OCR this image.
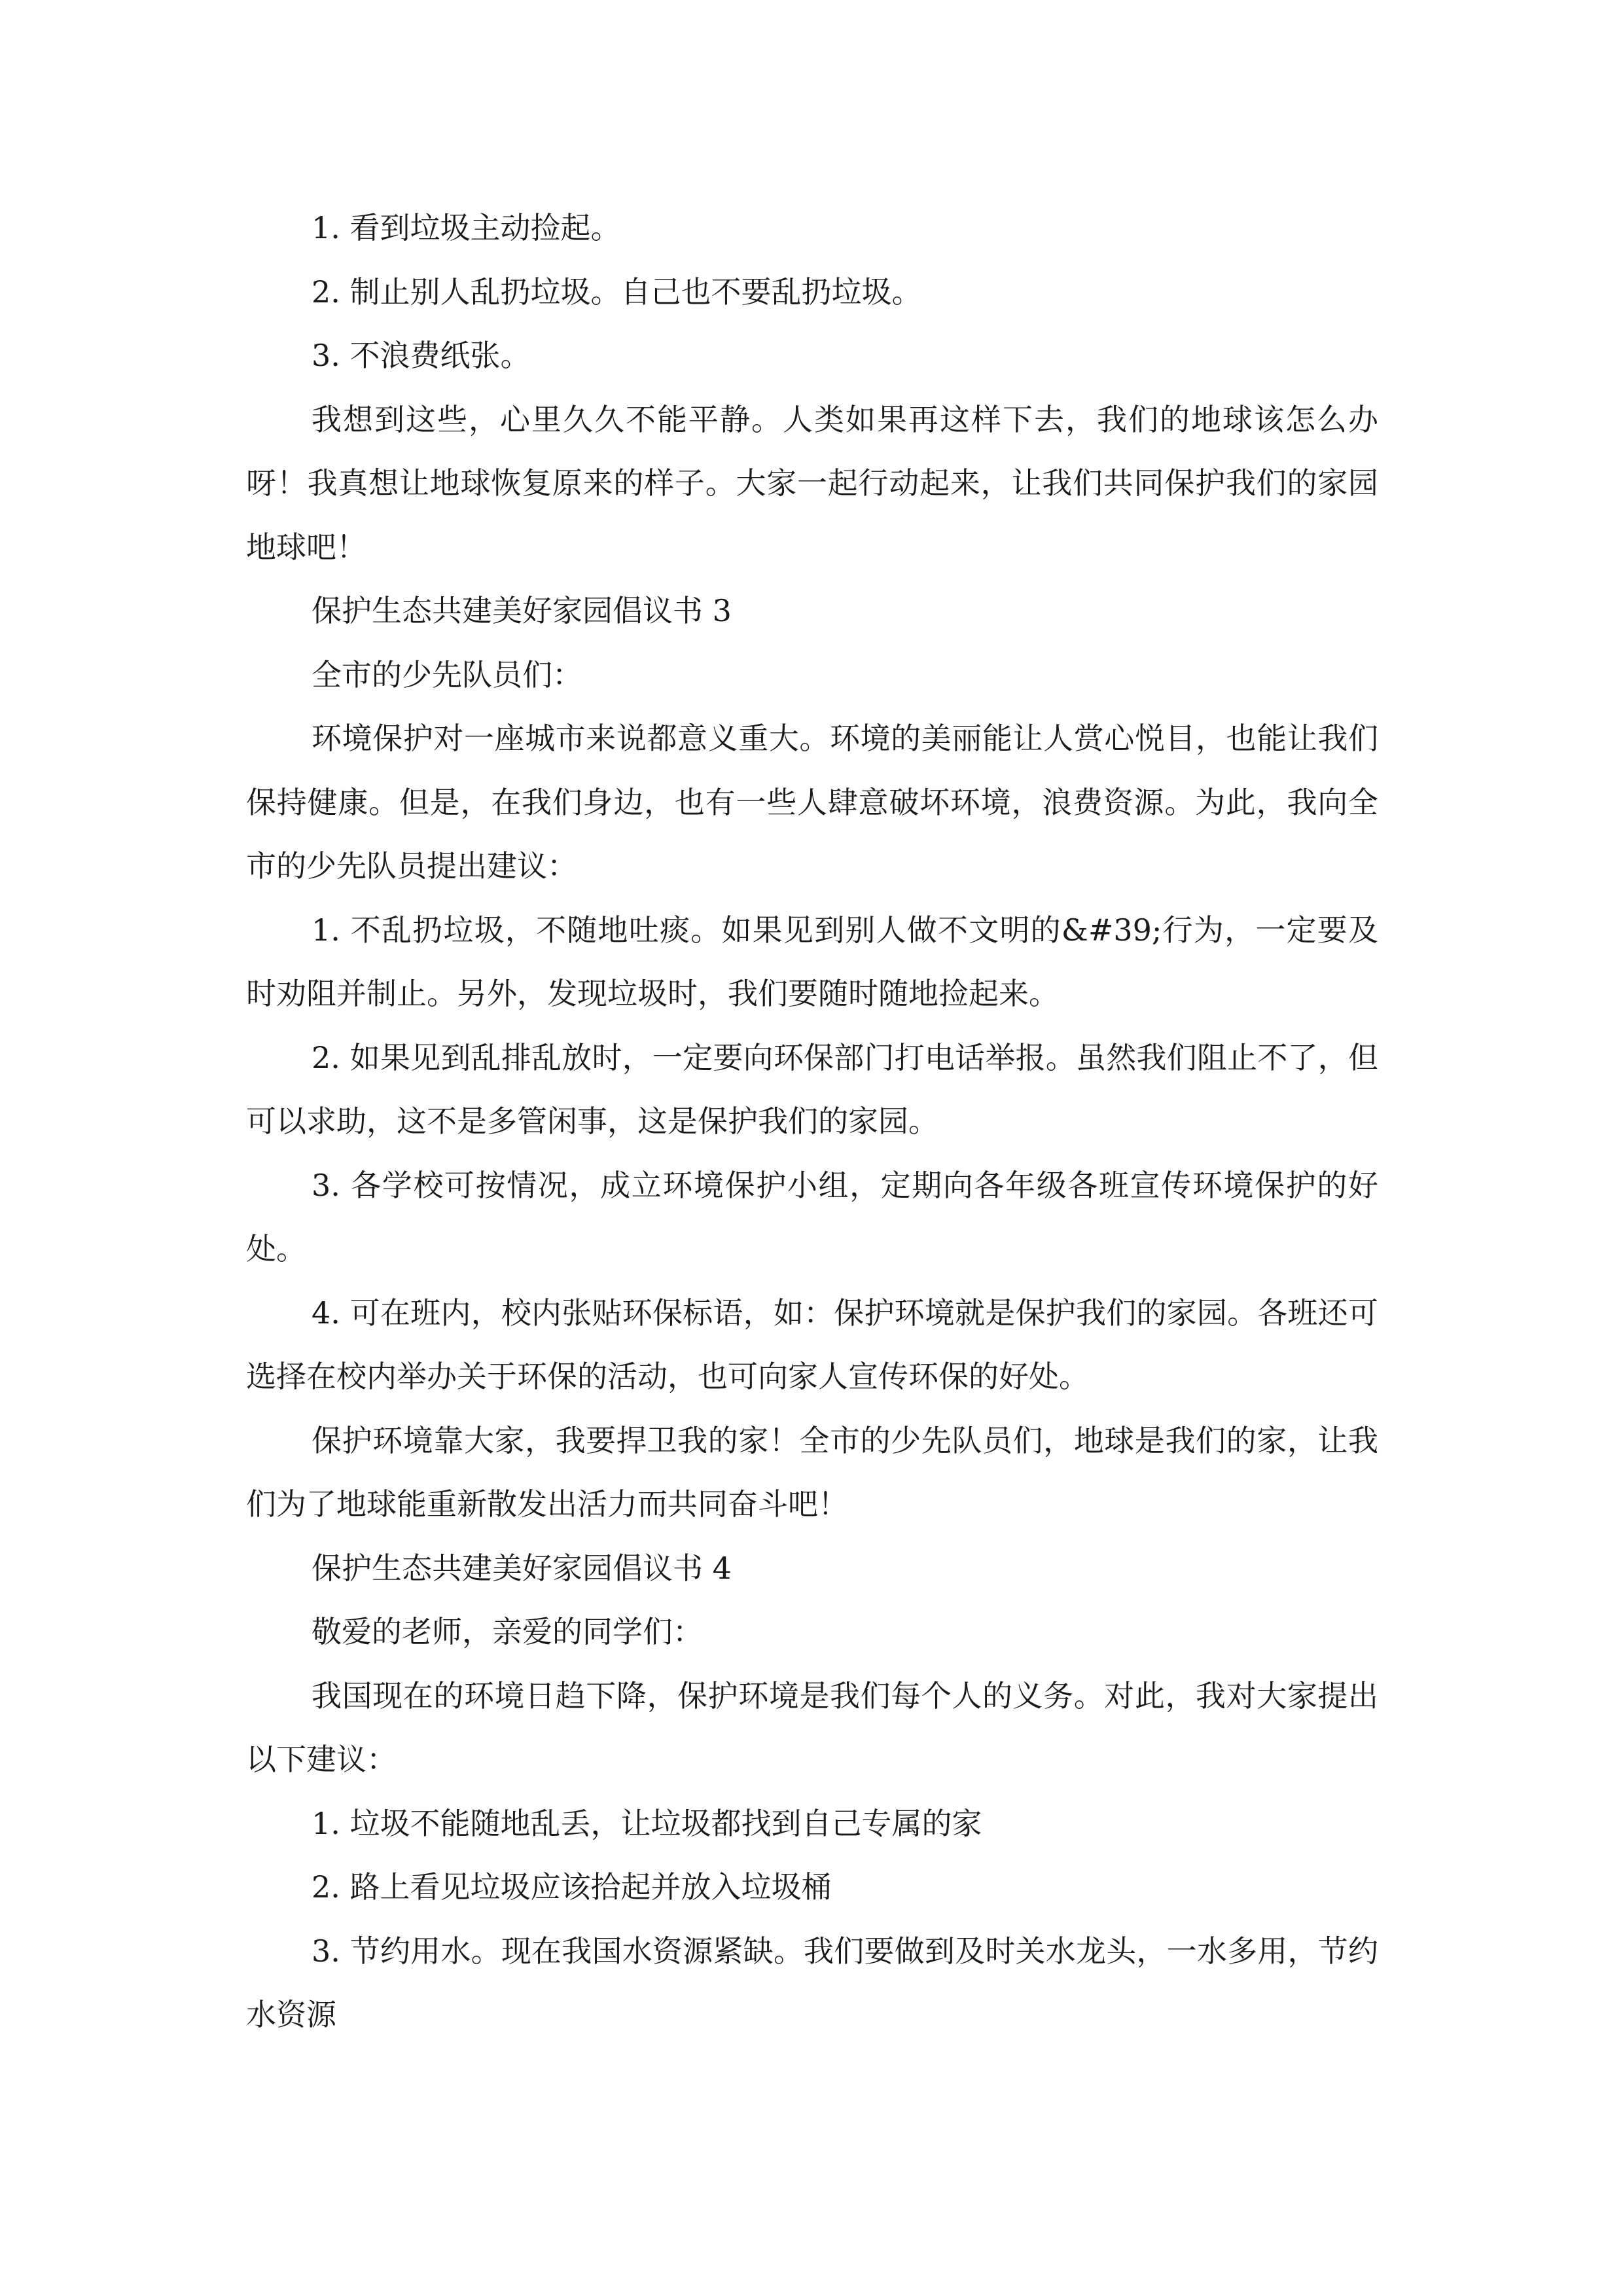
1. 看到垃圾主动捡起。

2. 制止别人乱扔垃圾。自己也不要乱扔垃圾。

3. 不浪费纸张。

我想到这些，心里久久不能平静。人类如果再这样下去，我们的地球该怎么办呀！我真想让地球恢复原来的样子。大家一起行动起来，让我们共同保护我们的家园地球吧！

保护生态共建美好家园倡议书 3

全市的少先队员们：

环境保护对一座城市来说都意义重大。环境的美丽能让人赏心悦目，也能让我们保持健康。但是，在我们身边，也有一些人肆意破坏环境，浪费资源。为此，我向全市的少先队员提出建议：

1. 不乱扔垃圾，不随地吐痰。如果见到别人做不文明的&#39;行为，一定要及时劝阻并制止。另外，发现垃圾时，我们要随时随地捡起来。

2. 如果见到乱排乱放时，一定要向环保部门打电话举报。虽然我们阻止不了，但可以求助，这不是多管闲事，这是保护我们的家园。

3. 各学校可按情况，成立环境保护小组，定期向各年级各班宣传环境保护的好处。

4. 可在班内，校内张贴环保标语，如：保护环境就是保护我们的家园。各班还可选择在校内举办关于环保的活动，也可向家人宣传环保的好处。

保护环境靠大家，我要捍卫我的家！全市的少先队员们，地球是我们的家，让我们为了地球能重新散发出活力而共同奋斗吧！

保护生态共建美好家园倡议书 4

敬爱的老师，亲爱的同学们：

我国现在的环境日趋下降，保护环境是我们每个人的义务。对此，我对大家提出以下建议：

1. 垃圾不能随地乱丢，让垃圾都找到自己专属的家

2. 路上看见垃圾应该拾起并放入垃圾桶

3. 节约用水。现在我国水资源紧缺。我们要做到及时关水龙头，一水多用，节约水资源
